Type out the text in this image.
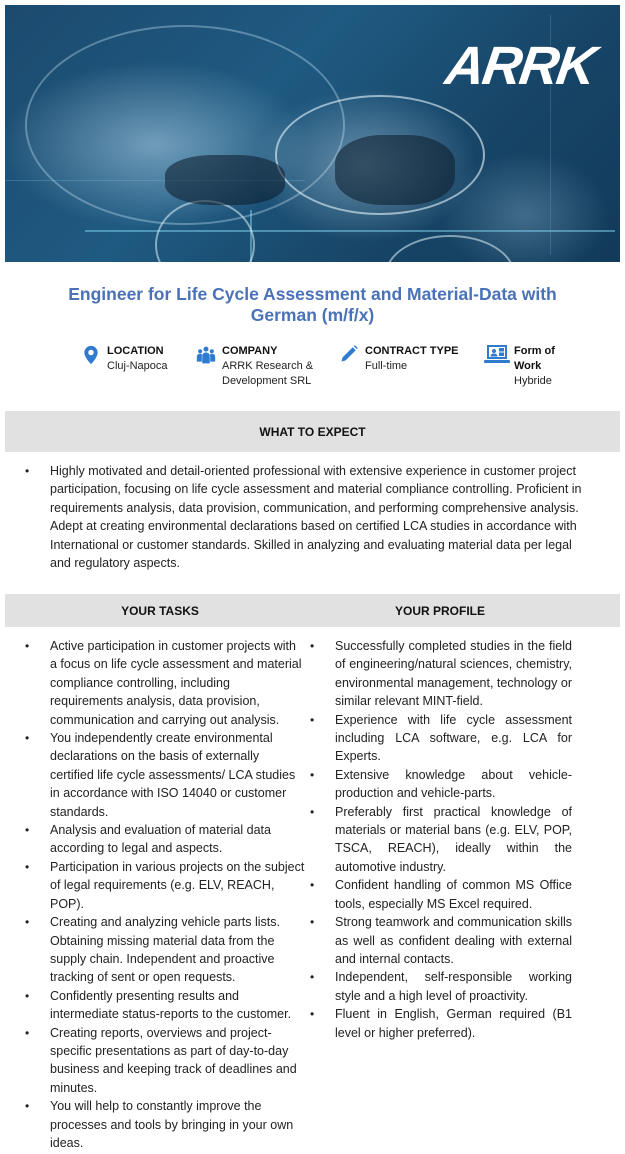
ARRK
Engineer for Life Cycle Assessment and Material-Data with German (m/f/x)
LOCATION
Cluj-Napoca
COMPANY
ARRK Research & Development SRL
CONTRACT TYPE
Full-time
Form of Work
Hybride
WHAT TO EXPECT
• Highly motivated and detail-oriented professional with extensive experience in customer project participation, focusing on life cycle assessment and material compliance controlling. Proficient in requirements analysis, data provision, communication, and performing comprehensive analysis. Adept at creating environmental declarations based on certified LCA studies in accordance with International or customer standards. Skilled in analyzing and evaluating material data per legal and regulatory aspects.
YOUR TASKS	YOUR PROFILE
• Active participation in customer projects with a focus on life cycle assessment and material compliance controlling, including requirements analysis, data provision, communication and carrying out analysis.
• You independently create environmental declarations on the basis of externally certified life cycle assessments/ LCA studies in accordance with ISO 14040 or customer standards.
• Analysis and evaluation of material data according to legal and aspects.
• Participation in various projects on the subject of legal requirements (e.g. ELV, REACH, POP).
• Creating and analyzing vehicle parts lists. Obtaining missing material data from the supply chain. Independent and proactive tracking of sent or open requests.
• Confidently presenting results and intermediate status-reports to the customer.
• Creating reports, overviews and project-specific presentations as part of day-to-day business and keeping track of deadlines and minutes.
• You will help to constantly improve the processes and tools by bringing in your own ideas.
• Successfully completed studies in the field of engineering/natural sciences, chemistry, environmental management, technology or similar relevant MINT-field.
• Experience with life cycle assessment including LCA software, e.g. LCA for Experts.
• Extensive knowledge about vehicle-production and vehicle-parts.
• Preferably first practical knowledge of materials or material bans (e.g. ELV, POP, TSCA, REACH), ideally within the automotive industry.
• Confident handling of common MS Office tools, especially MS Excel required.
• Strong teamwork and communication skills as well as confident dealing with external and internal contacts.
• Independent, self-responsible working style and a high level of proactivity.
• Fluent in English, German required (B1 level or higher preferred).
